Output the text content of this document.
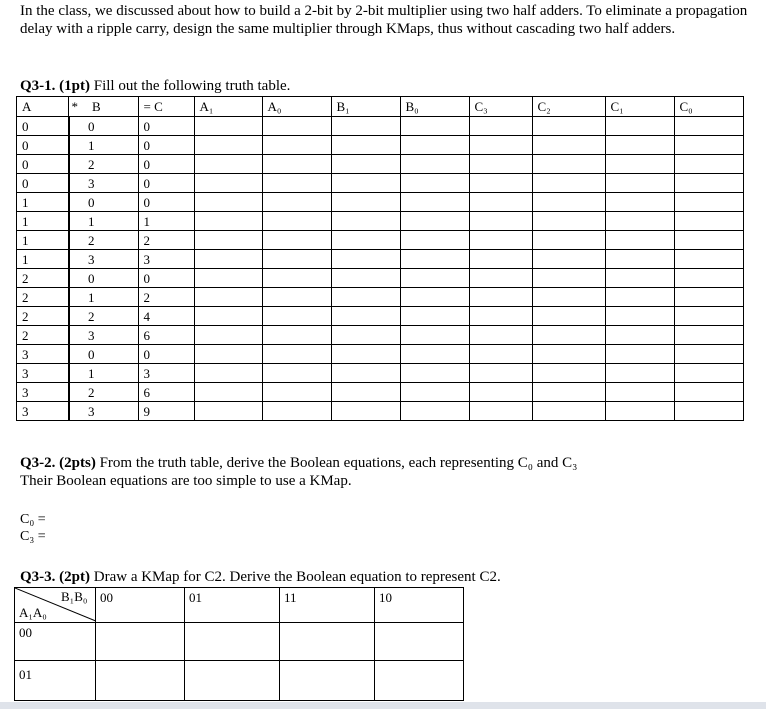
In the class, we discussed about how to build a 2-bit by 2-bit multiplier using two half adders. To eliminate a propagation delay with a ripple carry, design the same multiplier through KMaps, thus without cascading two half adders.
Q3-1. (1pt) Fill out the following truth table.
A		* B	= C	A₁	A₀	B₁	B₀	C₃	C₂	C₁	C₀
0		0	0								
0		1	0								
0		2	0								
0		3	0								
1		0	0								
1		1	1								
1		2	2								
1		3	3								
2		0	0								
2		1	2								
2		2	4								
2		3	6								
3		0	0								
3		1	3								
3		2	6								
3		3	9								
Q3-2. (2pts) From the truth table, derive the Boolean equations, each representing C₀ and C₃
Their Boolean equations are too simple to use a KMap.
C₀ =
C₃ =
Q3-3. (2pt) Draw a KMap for C2. Derive the Boolean equation to represent C2.
B₁B₀
A₁A₀	00	01	11	10
00				
01				
